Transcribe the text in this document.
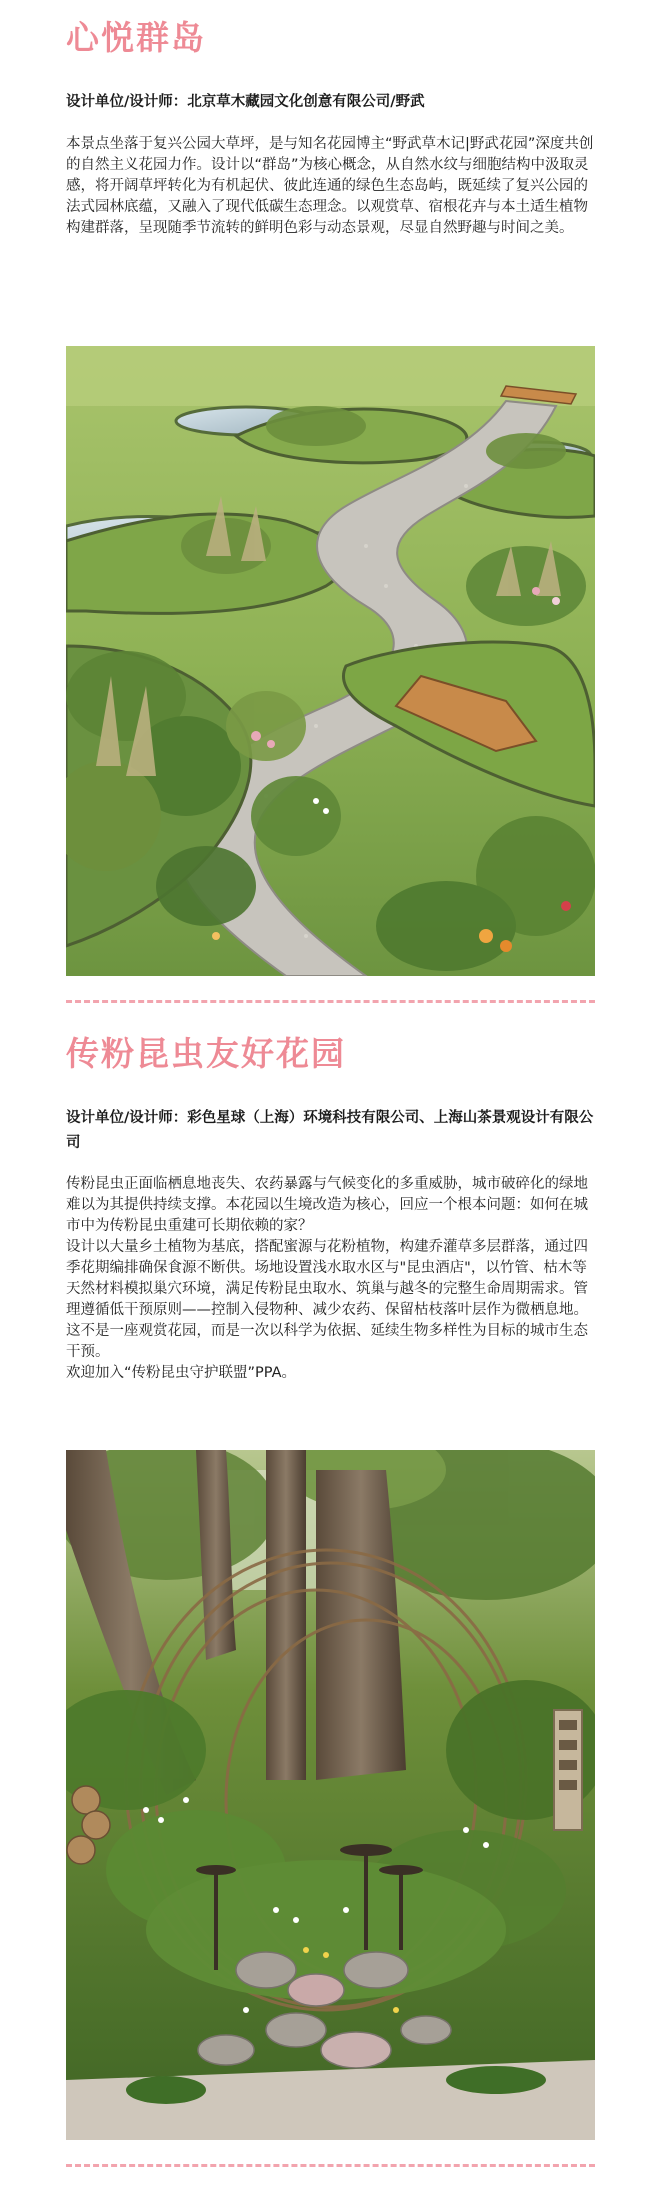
心悦群岛

设计单位/设计师：北京草木藏园文化创意有限公司/野武

本景点坐落于复兴公园大草坪，是与知名花园博主“野武草木记|野武花园”深度共创的自然主义花园力作。设计以“群岛”为核心概念，从自然水纹与细胞结构中汲取灵感，将开阔草坪转化为有机起伏、彼此连通的绿色生态岛屿，既延续了复兴公园的法式园林底蕴，又融入了现代低碳生态理念。以观赏草、宿根花卉与本土适生植物构建群落，呈现随季节流转的鲜明色彩与动态景观，尽显自然野趣与时间之美。

传粉昆虫友好花园

设计单位/设计师：彩色星球（上海）环境科技有限公司、上海山茶景观设计有限公司

传粉昆虫正面临栖息地丧失、农药暴露与气候变化的多重威胁，城市破碎化的绿地难以为其提供持续支撑。本花园以生境改造为核心，回应一个根本问题：如何在城市中为传粉昆虫重建可长期依赖的家？

设计以大量乡土植物为基底，搭配蜜源与花粉植物，构建乔灌草多层群落，通过四季花期编排确保食源不断供。场地设置浅水取水区与"昆虫酒店"，以竹管、枯木等天然材料模拟巢穴环境，满足传粉昆虫取水、筑巢与越冬的完整生命周期需求。管理遵循低干预原则——控制入侵物种、减少农药、保留枯枝落叶层作为微栖息地。

这不是一座观赏花园，而是一次以科学为依据、延续生物多样性为目标的城市生态干预。

欢迎加入“传粉昆虫守护联盟”PPA。
